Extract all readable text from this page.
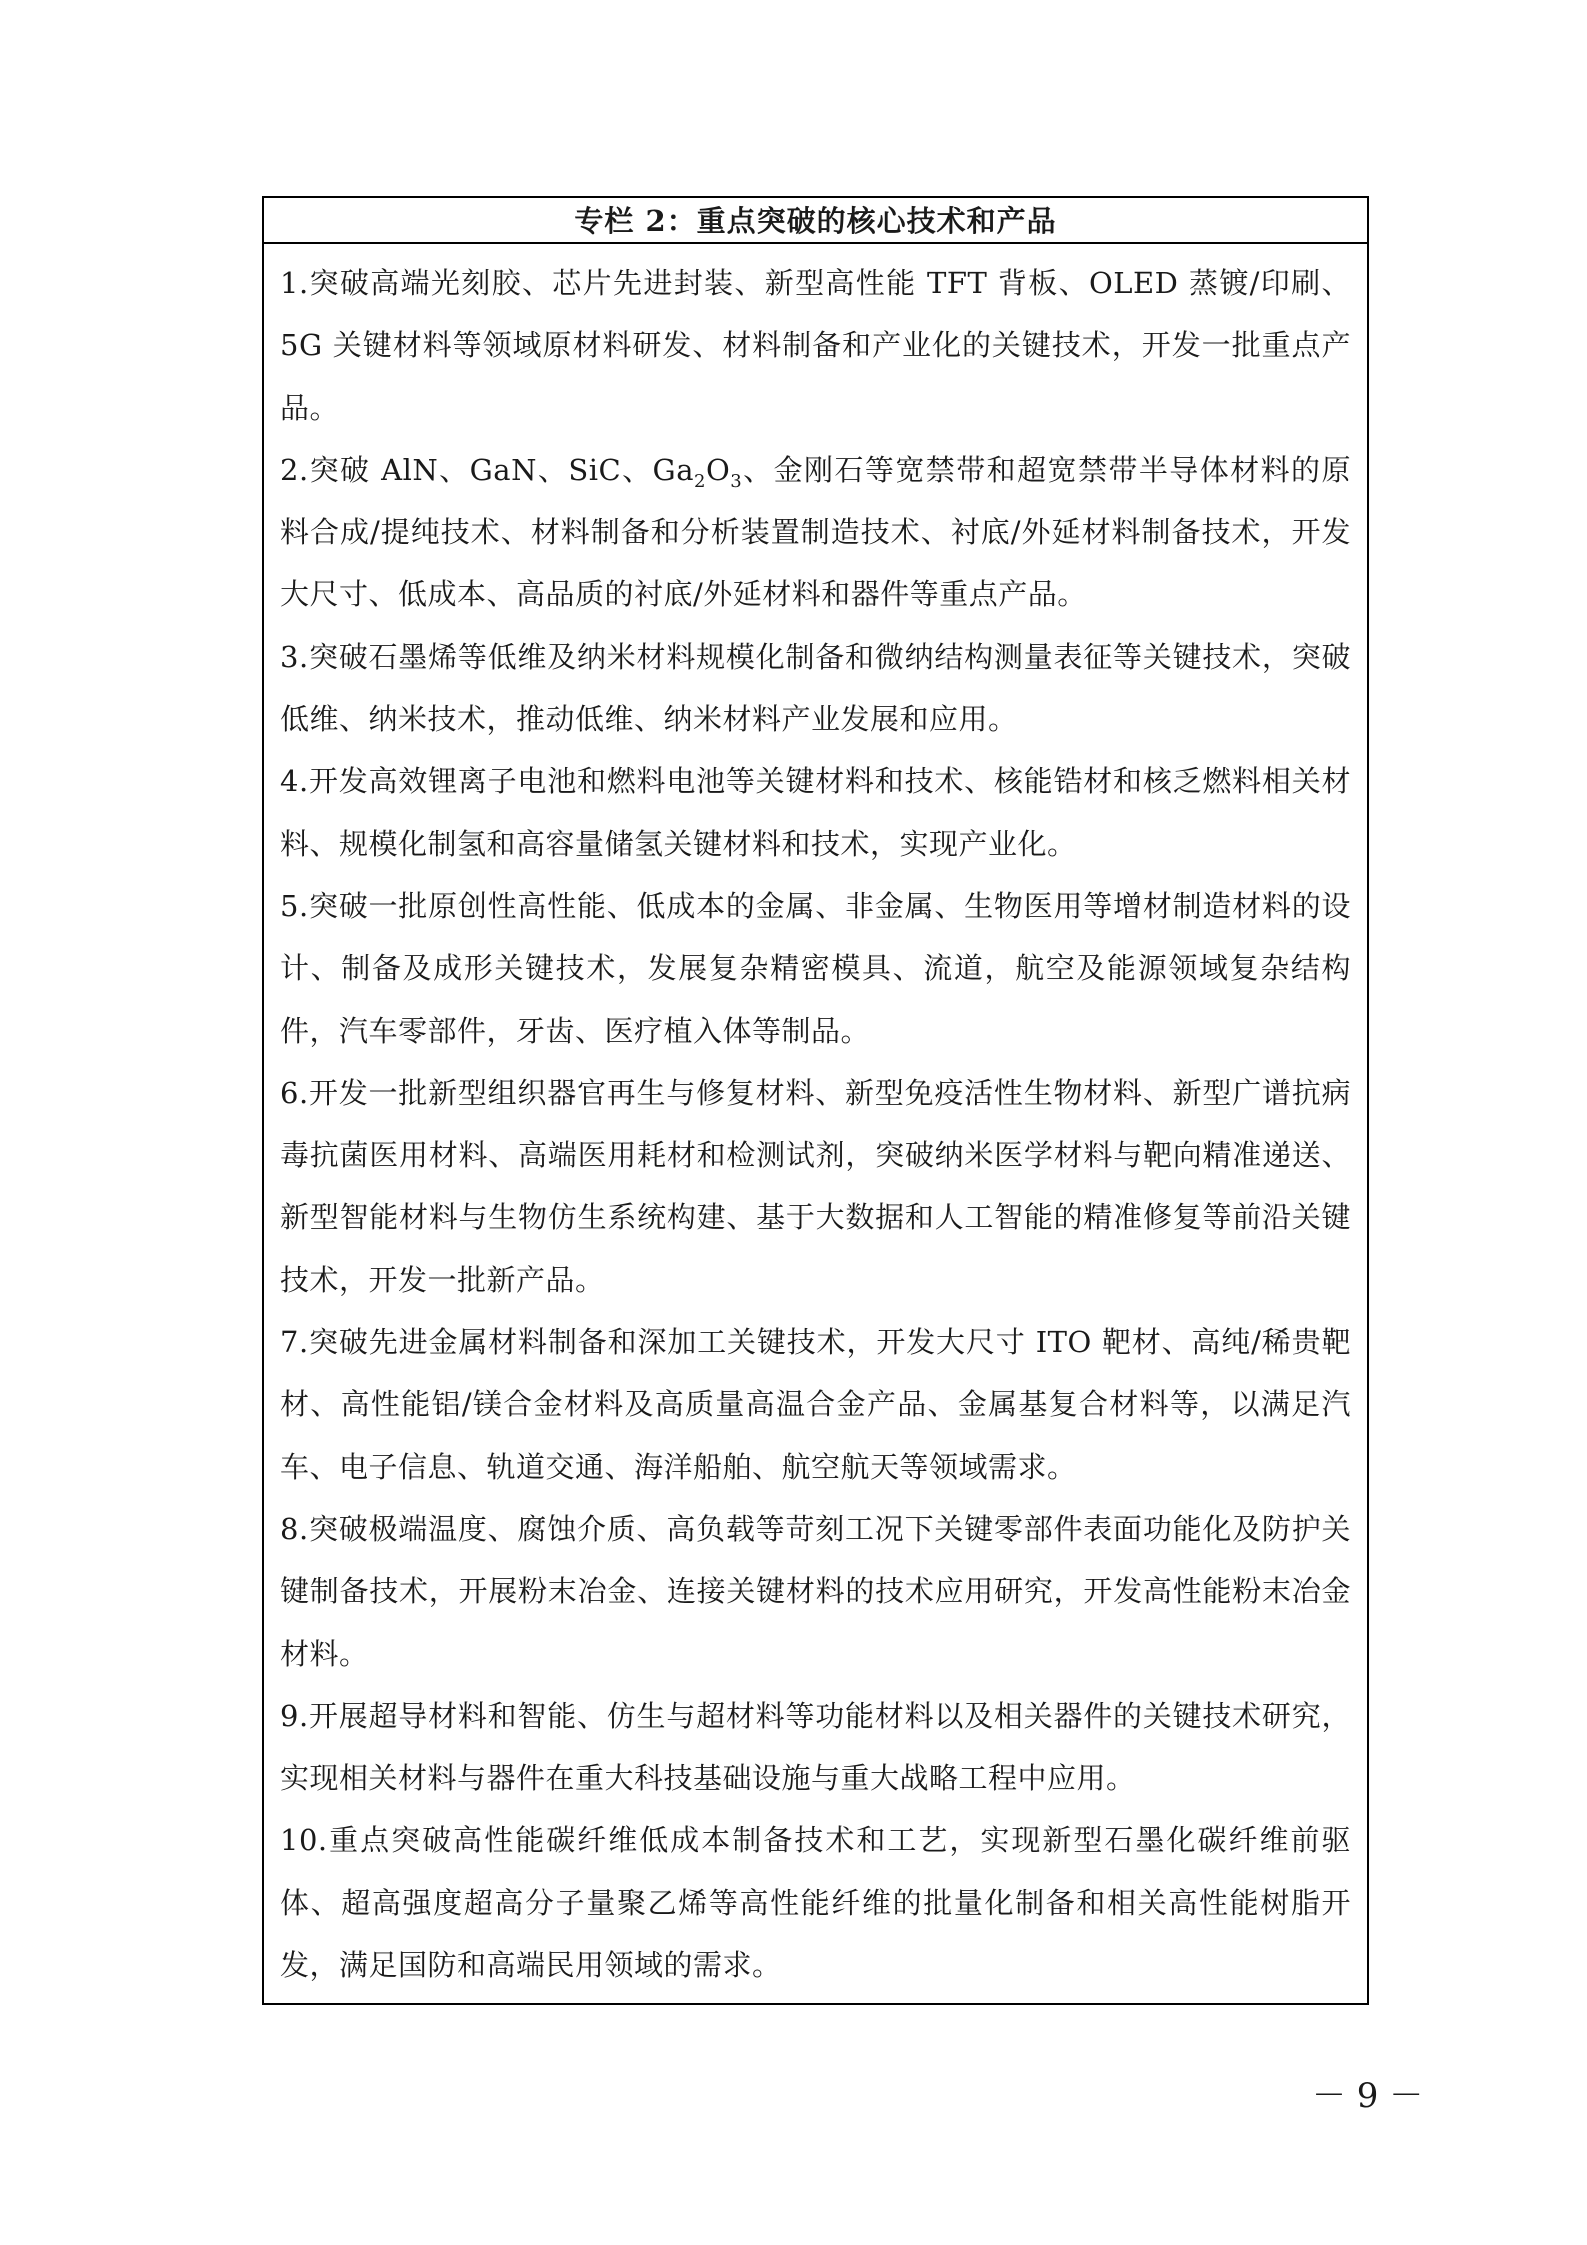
专栏 2：重点突破的核心技术和产品
1.突破高端光刻胶、芯片先进封装、新型高性能 TFT 背板、OLED 蒸镀/印刷、5G 关键材料等领域原材料研发、材料制备和产业化的关键技术，开发一批重点产品。
2.突破 AlN、GaN、SiC、$Ga_2O_3$、金刚石等宽禁带和超宽禁带半导体材料的原料合成/提纯技术、材料制备和分析装置制造技术、衬底/外延材料制备技术，开发大尺寸、低成本、高品质的衬底/外延材料和器件等重点产品。
3.突破石墨烯等低维及纳米材料规模化制备和微纳结构测量表征等关键技术，突破低维、纳米技术，推动低维、纳米材料产业发展和应用。
4.开发高效锂离子电池和燃料电池等关键材料和技术、核能锆材和核乏燃料相关材料、规模化制氢和高容量储氢关键材料和技术，实现产业化。
5.突破一批原创性高性能、低成本的金属、非金属、生物医用等增材制造材料的设计、制备及成形关键技术，发展复杂精密模具、流道，航空及能源领域复杂结构件，汽车零部件，牙齿、医疗植入体等制品。
6.开发一批新型组织器官再生与修复材料、新型免疫活性生物材料、新型广谱抗病毒抗菌医用材料、高端医用耗材和检测试剂，突破纳米医学材料与靶向精准递送、新型智能材料与生物仿生系统构建、基于大数据和人工智能的精准修复等前沿关键技术，开发一批新产品。
7.突破先进金属材料制备和深加工关键技术，开发大尺寸 ITO 靶材、高纯/稀贵靶材、高性能铝/镁合金材料及高质量高温合金产品、金属基复合材料等，以满足汽车、电子信息、轨道交通、海洋船舶、航空航天等领域需求。
8.突破极端温度、腐蚀介质、高负载等苛刻工况下关键零部件表面功能化及防护关键制备技术，开展粉末冶金、连接关键材料的技术应用研究，开发高性能粉末冶金材料。
9.开展超导材料和智能、仿生与超材料等功能材料以及相关器件的关键技术研究，实现相关材料与器件在重大科技基础设施与重大战略工程中应用。
10.重点突破高性能碳纤维低成本制备技术和工艺，实现新型石墨化碳纤维前驱体、超高强度超高分子量聚乙烯等高性能纤维的批量化制备和相关高性能树脂开发，满足国防和高端民用领域的需求。
－ 9 －
